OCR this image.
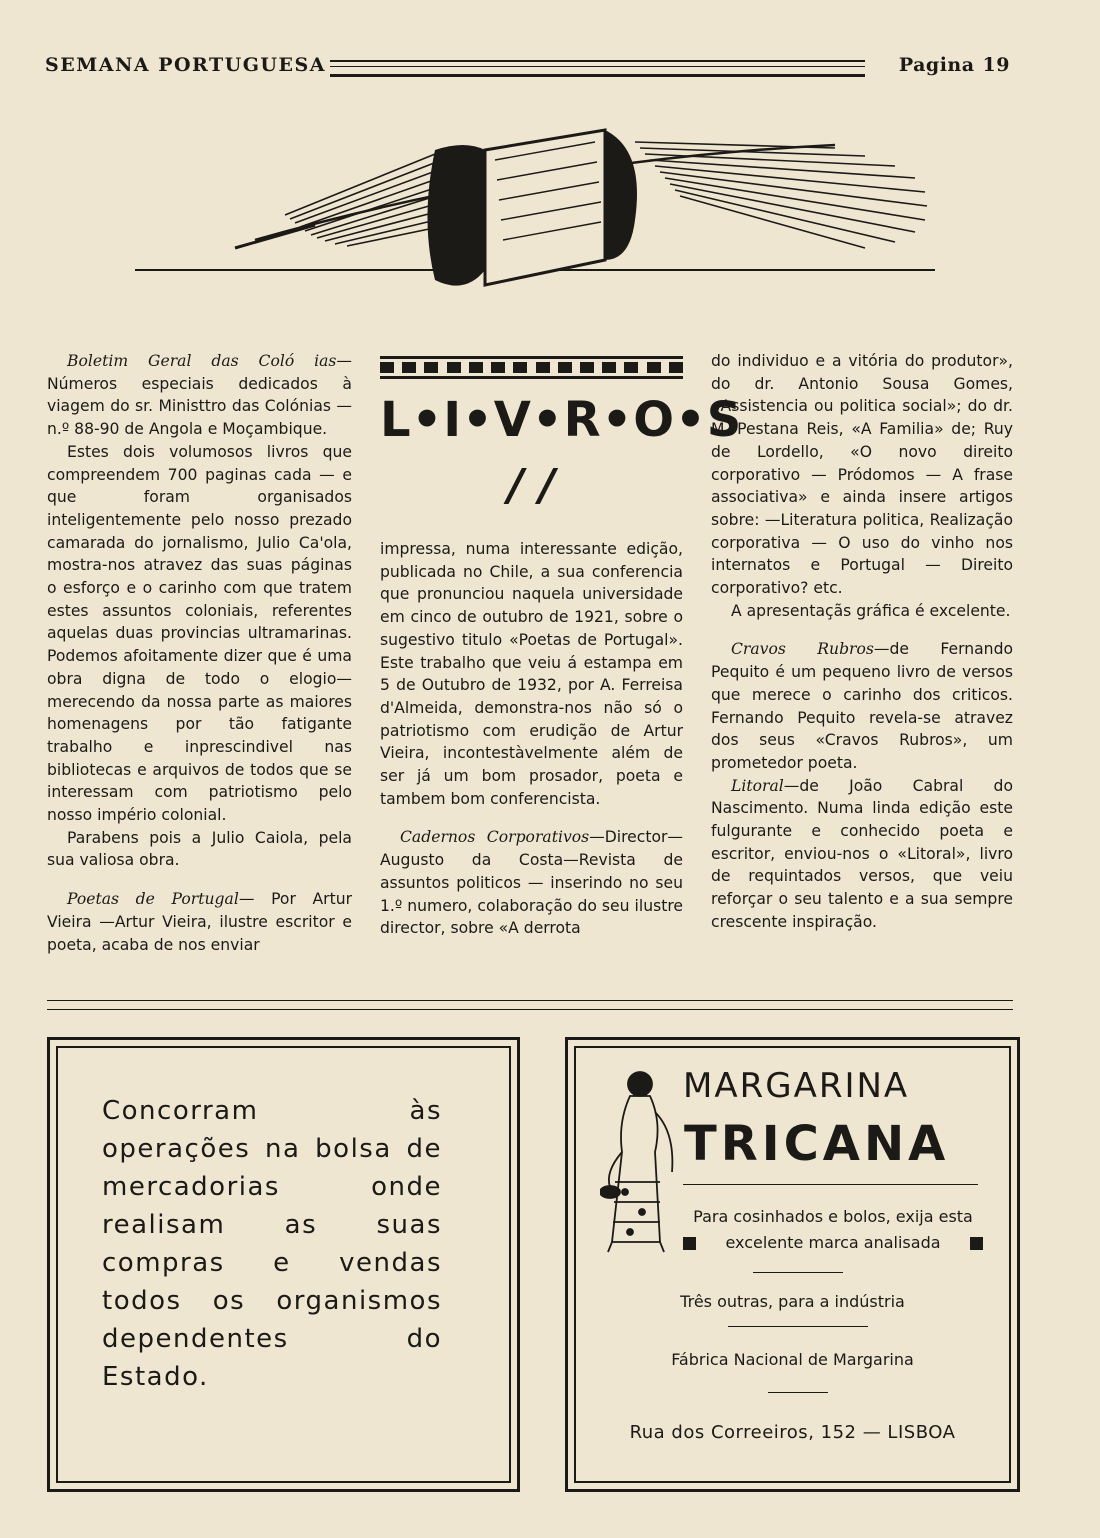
SEMANA PORTUGUESA	Pagina 19

Boletim Geral das Coló ias— Números especiais dedicados à viagem do sr. Ministtro das Colónias — n.º 88-90 de Angola e Moçambique.

Estes dois volumosos livros que compreendem 700 paginas cada — e que foram organisados inteligentemente pelo nosso prezado camarada do jornalismo, Julio Ca'ola, mostra-nos atravez das suas páginas o esforço e o carinho com que tratem estes assuntos coloniais, referentes aquelas duas provincias ultramarinas. Podemos afoitamente dizer que é uma obra digna de todo o elogio—merecendo da nossa parte as maiores homenagens por tão fatigante trabalho e inprescindivel nas bibliotecas e arquivos de todos que se interessam com patriotismo pelo nosso império colonial.

Parabens pois a Julio Caiola, pela sua valiosa obra.

Poetas de Portugal— Por Artur Vieira —Artur Vieira, ilustre escritor e poeta, acaba de nos enviar

L•I•V•R•O•S
/ /

impressa, numa interessante edição, publicada no Chile, a sua conferencia que pronunciou naquela universidade em cinco de outubro de 1921, sobre o sugestivo titulo «Poetas de Portugal». Este trabalho que veiu á estampa em 5 de Outubro de 1932, por A. Ferreisa d'Almeida, demonstra-nos não só o patriotismo com erudição de Artur Vieira, incontestàvelmente além de ser já um bom prosador, poeta e tambem bom conferencista.

Cadernos Corporativos—Director—Augusto da Costa—Revista de assuntos politicos — inserindo no seu 1.º numero, colaboração do seu ilustre director, sobre «A derrota

do individuo e a vitória do produtor», do dr. Antonio Sousa Gomes, «Assistencia ou politica social»; do dr. M. Pestana Reis, «A Familia» de; Ruy de Lordello, «O novo direito corporativo — Pródomos — A frase associativa» e ainda insere artigos sobre: —Literatura politica, Realização corporativa — O uso do vinho nos internatos e Portugal — Direito corporativo? etc.

A apresentaçãs gráfica é excelente.

Cravos Rubros—de Fernando Pequito é um pequeno livro de versos que merece o carinho dos criticos. Fernando Pequito revela-se atravez dos seus «Cravos Rubros», um prometedor poeta.

Litoral—de João Cabral do Nascimento. Numa linda edição este fulgurante e conhecido poeta e escritor, enviou-nos o «Litoral», livro de requintados versos, que veiu reforçar o seu talento e a sua sempre crescente inspiração.

Concorram às operações na bolsa de mercadorias onde realisam as suas compras e vendas todos os organismos dependentes do Estado.
MARGARINA
TRICANA
Para cosinhados e bolos, exija esta
excelente marca analisada
Três outras, para a indústria
Fábrica Nacional de Margarina
Rua dos Correeiros, 152 — LISBOA
